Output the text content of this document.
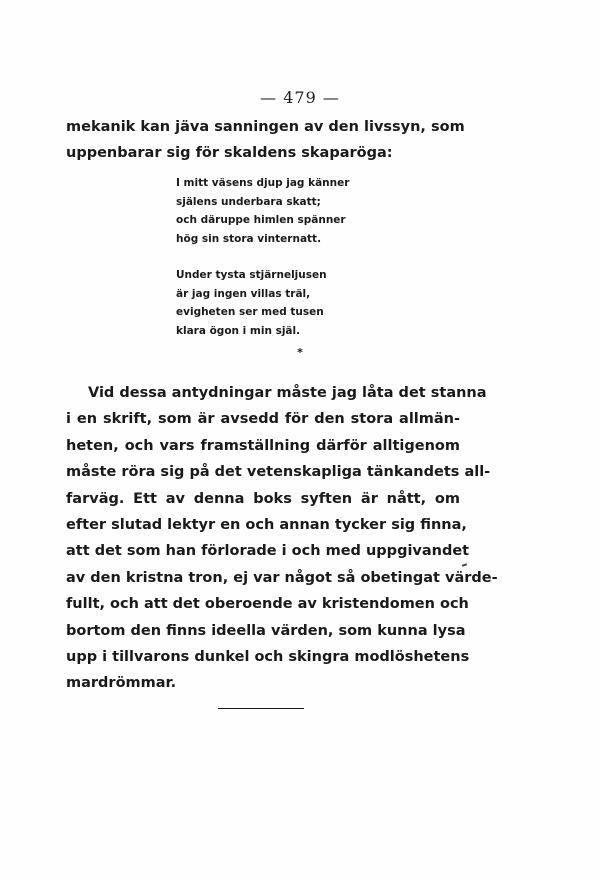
— 479 —
mekanik kan jäva sanningen av den livssyn, som
uppenbarar sig för skaldens skaparöga:
I mitt väsens djup jag känner
själens underbara skatt;
och däruppe himlen spänner
hög sin stora vinternatt.
Under tysta stjärneljusen
är jag ingen villas träl,
evigheten ser med tusen
klara ögon i min själ.
*
Vid dessa antydningar måste jag låta det stanna
i en skrift, som är avsedd för den stora allmän-
heten, och vars framställning därför alltigenom
måste röra sig på det vetenskapliga tänkandets all-
farväg. Ett av denna boks syften är nått, om
efter slutad lektyr en och annan tycker sig finna,
att det som han förlorade i och med uppgivandet
av den kristna tron, ej var något så obetingat värde-
fullt, och att det oberoende av kristendomen och
bortom den finns ideella värden, som kunna lysa
upp i tillvarons dunkel och skingra modlöshetens
mardrömmar.
